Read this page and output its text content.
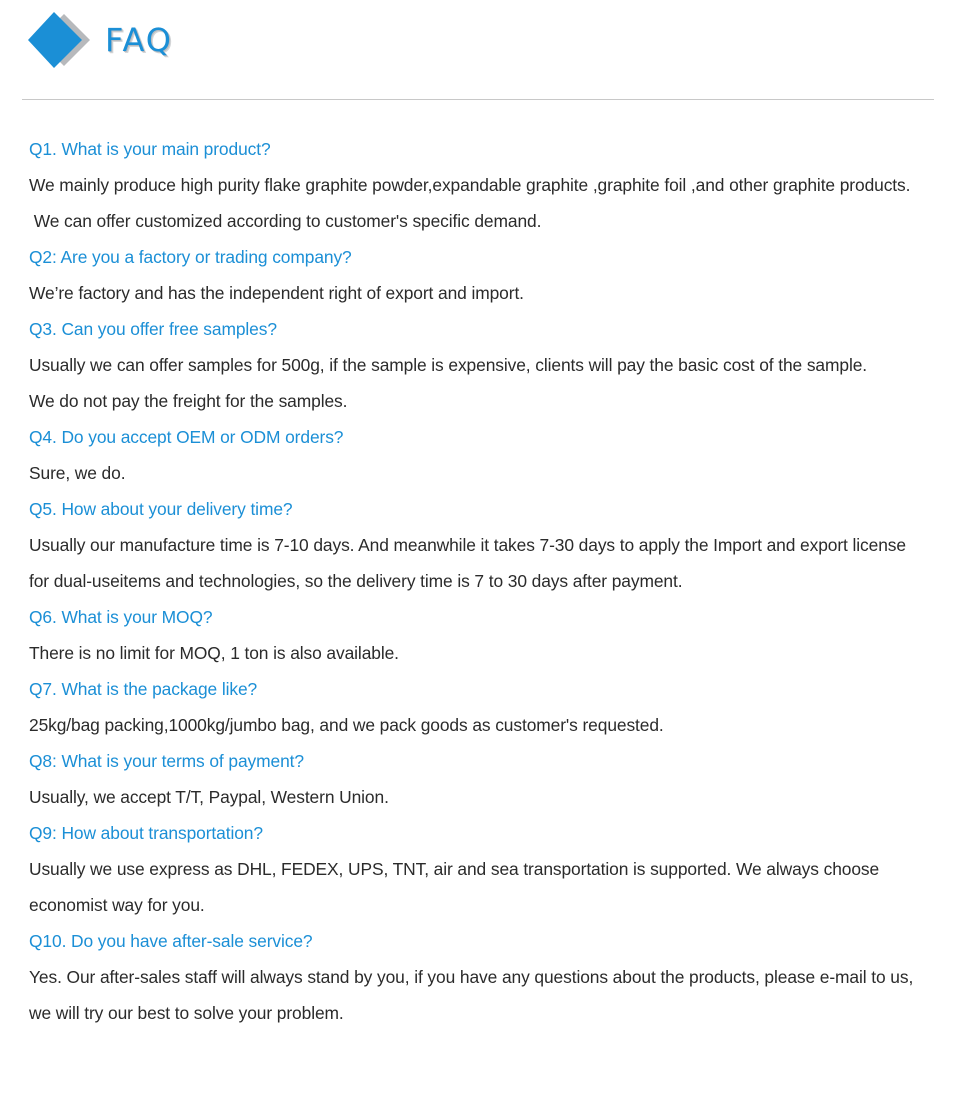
FAQ
Q1. What is your main product?
We mainly produce high purity flake graphite powder,expandable graphite ,graphite foil ,and other graphite products.
We can offer customized according to customer's specific demand.
Q2: Are you a factory or trading company?
We’re factory and has the independent right of export and import.
Q3. Can you offer free samples?
Usually we can offer samples for 500g, if the sample is expensive, clients will pay the basic cost of the sample.
We do not pay the freight for the samples.
Q4. Do you accept OEM or ODM orders?
Sure, we do.
Q5. How about your delivery time?
Usually our manufacture time is 7-10 days. And meanwhile it takes 7-30 days to apply the Import and export license
for dual-useitems and technologies, so the delivery time is 7 to 30 days after payment.
Q6. What is your MOQ?
There is no limit for MOQ, 1 ton is also available.
Q7. What is the package like?
25kg/bag packing,1000kg/jumbo bag, and we pack goods as customer's requested.
Q8: What is your terms of payment?
Usually, we accept T/T, Paypal, Western Union.
Q9: How about transportation?
Usually we use express as DHL, FEDEX, UPS, TNT, air and sea transportation is supported. We always choose
economist way for you.
Q10. Do you have after-sale service?
Yes. Our after-sales staff will always stand by you, if you have any questions about the products, please e-mail to us,
we will try our best to solve your problem.
